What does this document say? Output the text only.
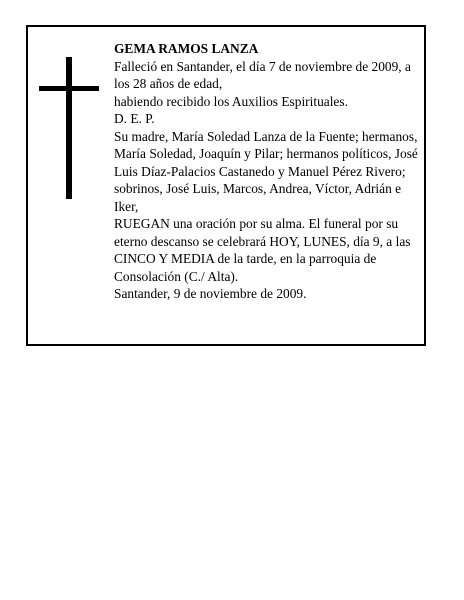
GEMA RAMOS LANZA

Falleció en Santander, el día 7 de noviembre de 2009, a los 28 años de edad,

habiendo recibido los Auxilios Espirituales.

D. E. P.

Su madre, María Soledad Lanza de la Fuente; hermanos, María Soledad, Joaquín y Pilar; hermanos políticos, José Luis Díaz-Palacios Castanedo y Manuel Pérez Rivero; sobrinos, José Luis, Marcos, Andrea, Víctor, Adrián e Iker,

RUEGAN una oración por su alma. El funeral por su eterno descanso se celebrará HOY, LUNES, día 9, a las CINCO Y MEDIA de la tarde, en la parroquia de Consolación (C./ Alta).

Santander, 9 de noviembre de 2009.
